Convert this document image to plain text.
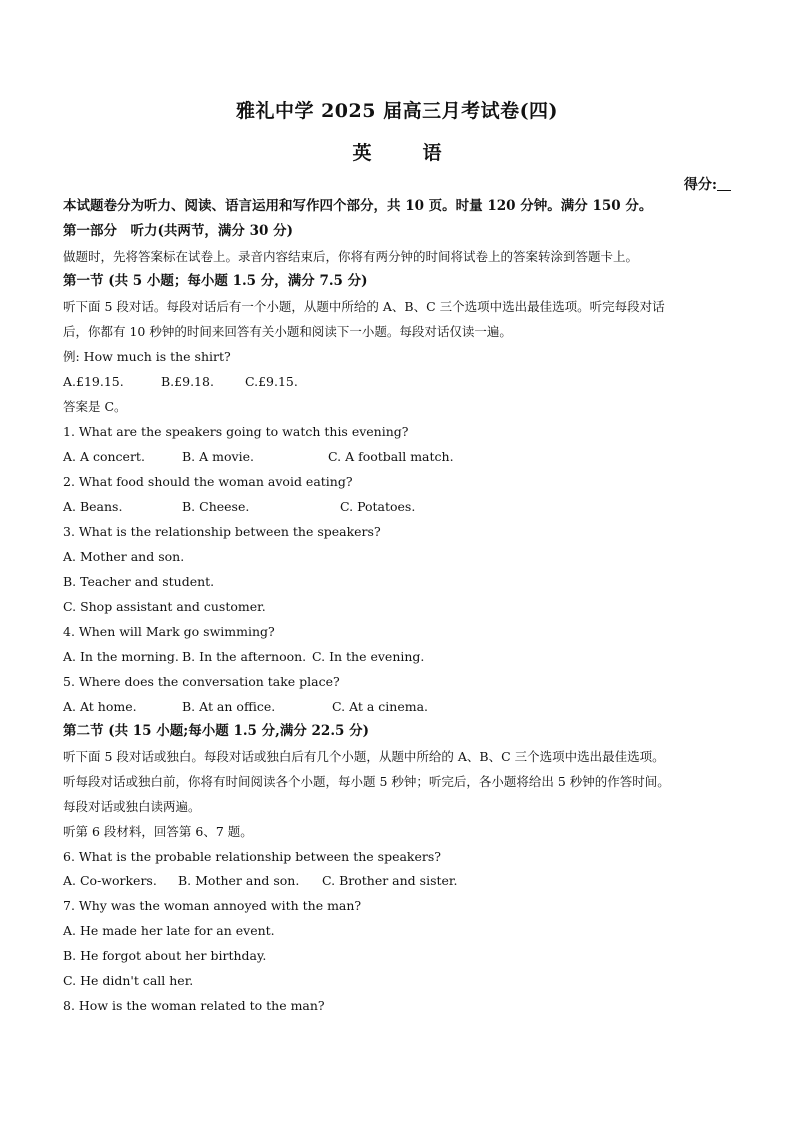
雅礼中学 2025 届高三月考试卷(四)
英　语
得分:
本试题卷分为听力、阅读、语言运用和写作四个部分，共 10 页。时量 120 分钟。满分 150 分。
第一部分　听力(共两节，满分 30 分)
做题时，先将答案标在试卷上。录音内容结束后，你将有两分钟的时间将试卷上的答案转涂到答题卡上。
第一节 (共 5 小题；每小题 1.5 分，满分 7.5 分)
听下面 5 段对话。每段对话后有一个小题，从题中所给的 A、B、C 三个选项中选出最佳选项。听完每段对话
后，你都有 10 秒钟的时间来回答有关小题和阅读下一小题。每段对话仅读一遍。
例: How much is the shirt?
A.£19.15.	B.£9.18. C.£9.15.
答案是 C。
1. What are the speakers going to watch this evening?
A. A concert.	B. A movie.	C. A football match.
2. What food should the woman avoid eating?
A. Beans.	B. Cheese.	C. Potatoes.
3. What is the relationship between the speakers?
A. Mother and son.
B. Teacher and student.
C. Shop assistant and customer.
4. When will Mark go swimming?
A. In the morning. B. In the afternoon. C. In the evening.
5. Where does the conversation take place?
A. At home.	B. At an office.	C. At a cinema.
第二节 (共 15 小题;每小题 1.5 分,满分 22.5 分)
听下面 5 段对话或独白。每段对话或独白后有几个小题，从题中所给的 A、B、C 三个选项中选出最佳选项。
听每段对话或独白前，你将有时间阅读各个小题，每小题 5 秒钟；听完后，各小题将给出 5 秒钟的作答时间。
每段对话或独白读两遍。
听第 6 段材料，回答第 6、7 题。
6. What is the probable relationship between the speakers?
A. Co-workers. B. Mother and son. C. Brother and sister.
7. Why was the woman annoyed with the man?
A. He made her late for an event.
B. He forgot about her birthday.
C. He didn't call her.
8. How is the woman related to the man?
